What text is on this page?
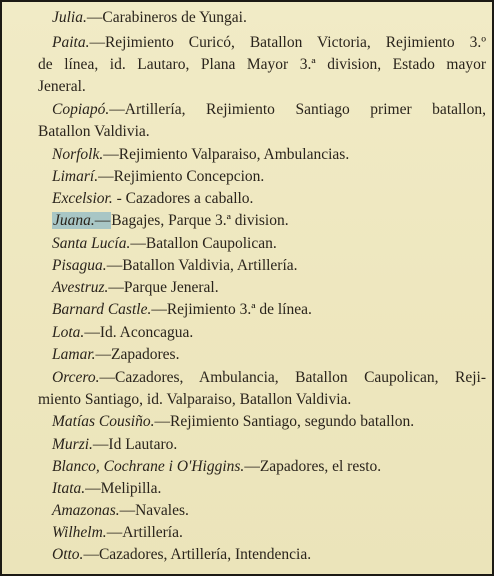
Julia.—Carabineros de Yungai.
Paita.—Rejimiento Curicó, Batallon Victoria, Rejimiento 3.º
de línea, id. Lautaro, Plana Mayor 3.ª division, Estado mayor
Jeneral.
Copiapó.—Artillería, Rejimiento Santiago primer batallon,
Batallon Valdivia.
Norfolk.—Rejimiento Valparaiso, Ambulancias.
Limarí.—Rejimiento Concepcion.
Excelsior. - Cazadores a caballo.
Juana.—Bagajes, Parque 3.ª division.
Santa Lucía.—Batallon Caupolican.
Pisagua.—Batallon Valdivia, Artillería.
Avestruz.—Parque Jeneral.
Barnard Castle.—Rejimiento 3.ª de línea.
Lota.—Id. Aconcagua.
Lamar.—Zapadores.
Orcero.—Cazadores, Ambulancia, Batallon Caupolican, Reji-
miento Santiago, id. Valparaiso, Batallon Valdivia.
Matías Cousiño.—Rejimiento Santiago, segundo batallon.
Murzi.—Id Lautaro.
Blanco, Cochrane i O'Higgins.—Zapadores, el resto.
Itata.—Melipilla.
Amazonas.—Navales.
Wilhelm.—Artillería.
Otto.—Cazadores, Artillería, Intendencia.
